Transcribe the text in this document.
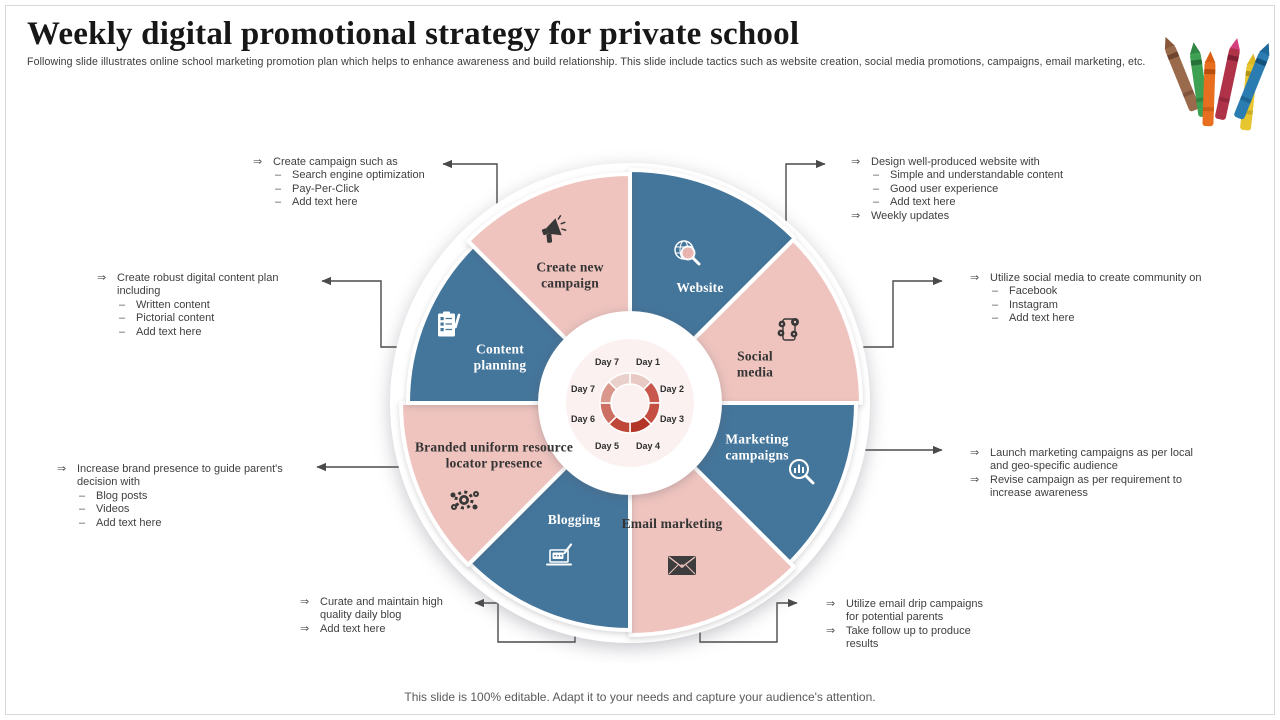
Weekly digital promotional strategy for private school
Following slide illustrates online school marketing promotion plan which helps to enhance awareness and build relationship. This slide include tactics such as website creation, social media promotions, campaigns, email marketing, etc.
Website
Social media
Marketing campaigns
Email marketing
Blogging
Branded uniform resource locator presence
Content planning
Create new campaign
Day 1
Day 2
Day 3
Day 4
Day 5
Day 6
Day 7
Day 7
⇒ Create campaign such as
– Search engine optimization
– Pay-Per-Click
– Add text here
⇒ Design well-produced website with
– Simple and understandable content
– Good user experience
– Add text here
⇒ Weekly updates
⇒ Create robust digital content plan including
– Written content
– Pictorial content
– Add text here
⇒ Utilize social media to create community on
– Facebook
– Instagram
– Add text here
⇒ Increase brand presence to guide parent's decision with
– Blog posts
– Videos
– Add text here
⇒ Launch marketing campaigns as per local and geo-specific audience
⇒ Revise campaign as per requirement to increase awareness
⇒ Curate and maintain high quality daily blog
⇒ Add text here
⇒ Utilize email drip campaigns for potential parents
⇒ Take follow up to produce results
This slide is 100% editable. Adapt it to your needs and capture your audience's attention.
